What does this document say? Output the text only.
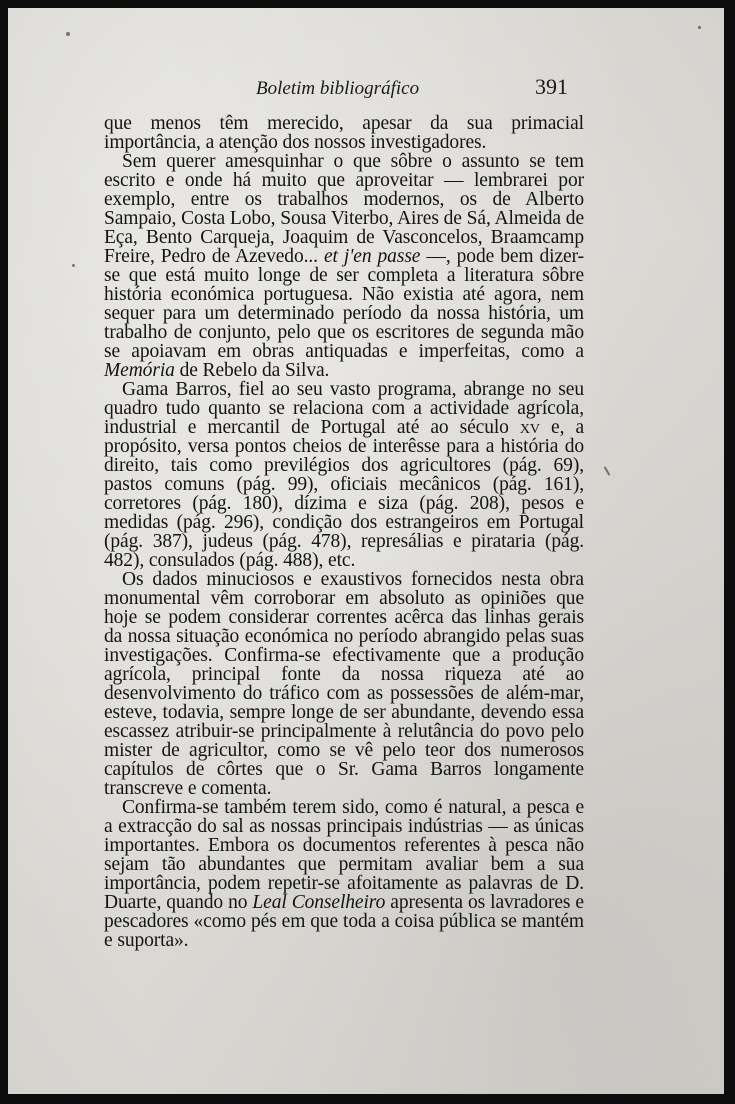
Boletim bibliográfico	391

que menos têm merecido, apesar da sua primacial importância, a atenção dos nossos investigadores.

Sem querer amesquinhar o que sôbre o assunto se tem escrito e onde há muito que aproveitar — lembrarei por exemplo, entre os trabalhos modernos, os de Alberto Sampaio, Costa Lobo, Sousa Viterbo, Aires de Sá, Almeida de Eça, Bento Carqueja, Joaquim de Vasconcelos, Braamcamp Freire, Pedro de Azevedo... et j'en passe —, pode bem dizer-se que está muito longe de ser completa a literatura sôbre história económica portuguesa. Não existia até agora, nem sequer para um determinado período da nossa história, um trabalho de conjunto, pelo que os escritores de segunda mão se apoiavam em obras antiquadas e imperfeitas, como a Memória de Rebelo da Silva.

Gama Barros, fiel ao seu vasto programa, abrange no seu quadro tudo quanto se relaciona com a actividade agrícola, industrial e mercantil de Portugal até ao século xv e, a propósito, versa pontos cheios de interêsse para a história do direito, tais como previlégios dos agricultores (pág. 69), pastos comuns (pág. 99), oficiais mecânicos (pág. 161), corretores (pág. 180), dízima e siza (pág. 208), pesos e medidas (pág. 296), condição dos estrangeiros em Portugal (pág. 387), judeus (pág. 478), represálias e pirataria (pág. 482), consulados (pág. 488), etc.

Os dados minuciosos e exaustivos fornecidos nesta obra monumental vêm corroborar em absoluto as opiniões que hoje se podem considerar correntes acêrca das linhas gerais da nossa situação económica no período abrangido pelas suas investigações. Confirma-se efectivamente que a produção agrícola, principal fonte da nossa riqueza até ao desenvolvimento do tráfico com as possessões de além-mar, esteve, todavia, sempre longe de ser abundante, devendo essa escassez atribuir-se principalmente à relutância do povo pelo mister de agricultor, como se vê pelo teor dos numerosos capítulos de côrtes que o Sr. Gama Barros longamente transcreve e comenta.

Confirma-se também terem sido, como é natural, a pesca e a extracção do sal as nossas principais indústrias — as únicas importantes. Embora os documentos referentes à pesca não sejam tão abundantes que permitam avaliar bem a sua importância, podem repetir-se afoitamente as palavras de D. Duarte, quando no Leal Conselheiro apresenta os lavradores e pescadores «como pés em que toda a coisa pública se mantém e suporta».
